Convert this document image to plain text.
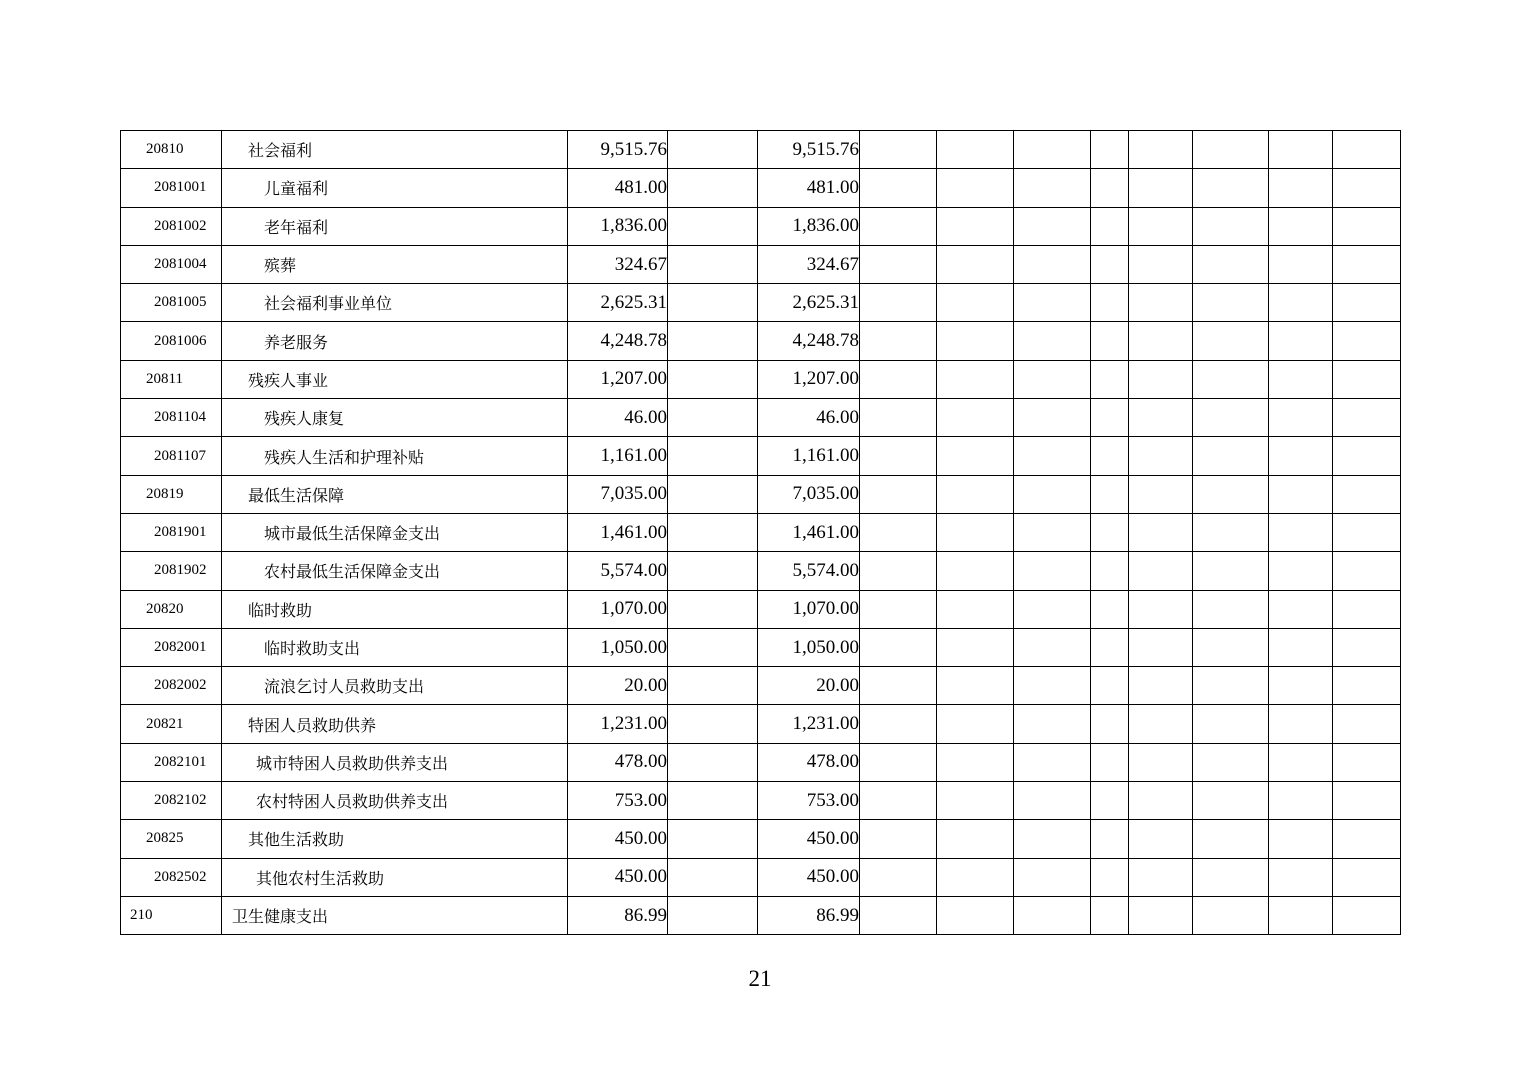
20810	社会福利	9,515.76		9,515.76								
2081001	儿童福利	481.00		481.00								
2081002	老年福利	1,836.00		1,836.00								
2081004	殡葬	324.67		324.67								
2081005	社会福利事业单位	2,625.31		2,625.31								
2081006	养老服务	4,248.78		4,248.78								
20811	残疾人事业	1,207.00		1,207.00								
2081104	残疾人康复	46.00		46.00								
2081107	残疾人生活和护理补贴	1,161.00		1,161.00								
20819	最低生活保障	7,035.00		7,035.00								
2081901	城市最低生活保障金支出	1,461.00		1,461.00								
2081902	农村最低生活保障金支出	5,574.00		5,574.00								
20820	临时救助	1,070.00		1,070.00								
2082001	临时救助支出	1,050.00		1,050.00								
2082002	流浪乞讨人员救助支出	20.00		20.00								
20821	特困人员救助供养	1,231.00		1,231.00								
2082101	城市特困人员救助供养支出	478.00		478.00								
2082102	农村特困人员救助供养支出	753.00		753.00								
20825	其他生活救助	450.00		450.00								
2082502	其他农村生活救助	450.00		450.00								
210	卫生健康支出	86.99		86.99								
21
